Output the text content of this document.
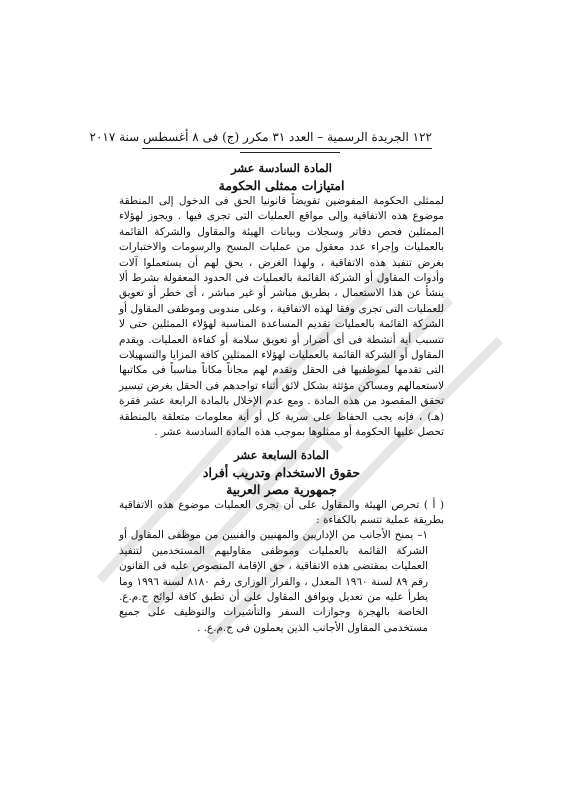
١٢٢ الجريدة الرسمية – العدد ٣١ مكرر (ج) فى ٨ أغسطس سنة ٢٠١٧

المادة السادسة عشر

امتيازات ممثلى الحكومة

لممثلى الحكومة المفوضين تفويضاً قانونيا الحق فى الدخول إلى المنطقة موضوع هذه الاتفاقية وإلى مواقع العمليات التى تجرى فيها . ويجوز لهؤلاء الممثلين فحص دفاتر وسجلات وبيانات الهيئة والمقاول والشركة القائمة بالعمليات وإجراء عدد معقول من عمليات المسح والرسومات والاختبارات بغرض تنفيذ هذه الاتفاقية ، ولهذا الغرض ، يحق لهم أن يستعملوا آلات وأدوات المقاول أو الشركة القائمة بالعمليات فى الحدود المعقولة بشرط ألا ينشأ عن هذا الاستعمال ، بطريق مباشر أو غير مباشر ، أى خطر أو تعويق للعمليات التى تجرى وفقا لهذه الاتفاقية ، وعلى مندوبى وموظفى المقاول أو الشركة القائمة بالعمليات تقديم المساعدة المناسبة لهؤلاء الممثلين حتى لا تتسبب أية أنشطة فى أى أضرار أو تعويق سلامة أو كفاءة العمليات. ويقدم المقاول أو الشركة القائمة بالعمليات لهؤلاء الممثلين كافة المزايا والتسهيلات التى تقدمها لموظفيها فى الحقل وتقدم لهم مجاناً مكاناً مناسباً فى مكاتبها لاستعمالهم ومساكن مؤثثة بشكل لائق أثناء تواجدهم فى الحقل بغرض تيسير تحقق المقصود من هذه المادة . ومع عدم الإخلال بالمادة الرابعة عشر فقرة (هـ) ، فإنه يجب الحفاظ على سرية كل أو أية معلومات متعلقة بالمنطقة تحصل عليها الحكومة أو ممثلوها بموجب هذه المادة السادسة عشر .

المادة السابعة عشر

حقوق الاستخدام وتدريب أفراد

جمهورية مصر العربية

( أ ) تحرص الهيئة والمقاول على أن تجرى العمليات موضوع هذه الاتفاقية بطريقة عملية تتسم بالكفاءة :

١– يمنح الأجانب من الإداريين والمهنيين والفنيين من موظفى المقاول أو الشركة القائمة بالعمليات وموظفى مقاوليهم المستخدمين لتنفيذ العمليات بمقتضى هذه الاتفاقية ، حق الإقامة المنصوص عليه فى القانون رقم ٨٩ لسنة ١٩٦٠ المعدل ، والقرار الوزارى رقم ٨١٨٠ لسنة ١٩٩٦ وما يطرأ عليه من تعديل ويوافق المقاول على أن تطبق كافة لوائح ج.م.ع. الخاصة بالهجرة وجوازات السفر والتأشيرات والتوظيف على جميع مستخدمى المقاول الأجانب الذين يعملون فى ج.م.ع. .
